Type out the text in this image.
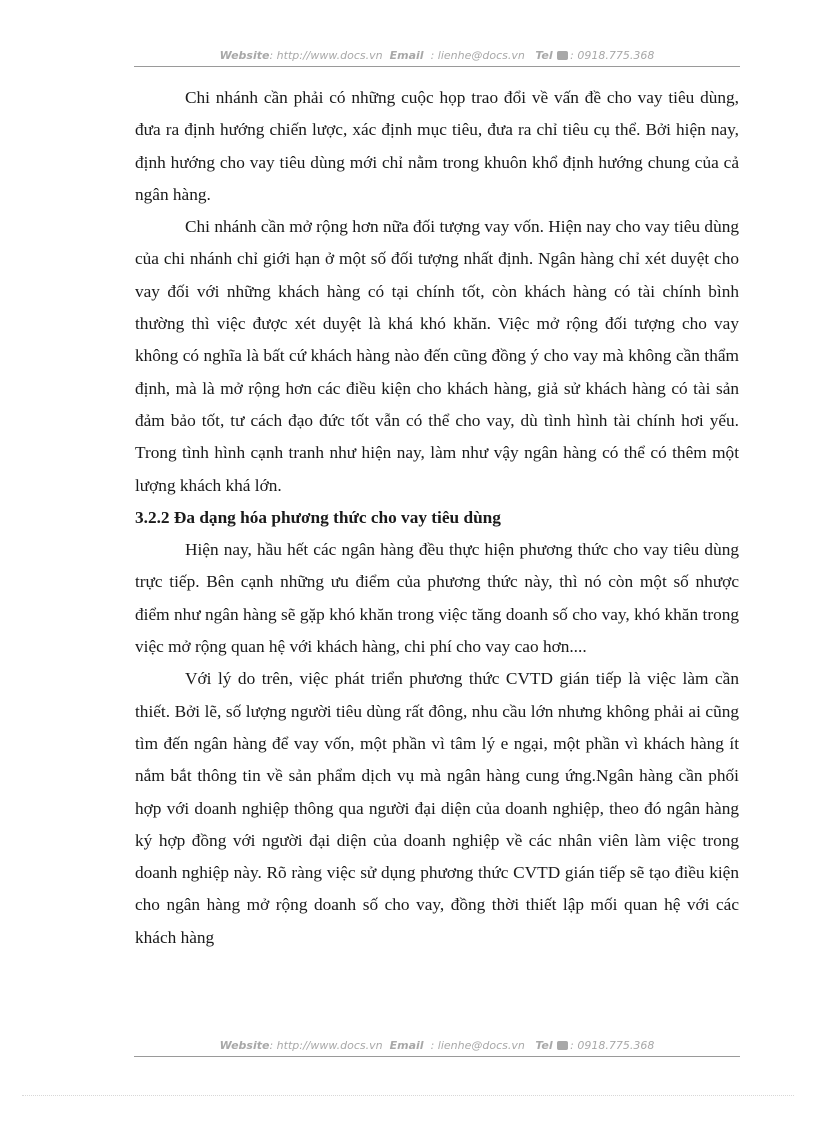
Website: http://www.docs.vn Email : lienhe@docs.vn Tel : 0918.775.368

Chi nhánh cần phải có những cuộc họp trao đổi về vấn đề cho vay tiêu dùng, đưa ra định hướng chiến lược, xác định mục tiêu, đưa ra chỉ tiêu cụ thể. Bởi hiện nay, định hướng cho vay tiêu dùng mới chỉ nằm trong khuôn khổ định hướng chung của cả ngân hàng.

Chi nhánh cần mở rộng hơn nữa đối tượng vay vốn. Hiện nay cho vay tiêu dùng của chi nhánh chỉ giới hạn ở một số đối tượng nhất định. Ngân hàng chỉ xét duyệt cho vay đối với những khách hàng có tại chính tốt, còn khách hàng có tài chính bình thường thì việc được xét duyệt là khá khó khăn. Việc mở rộng đối tượng cho vay không có nghĩa là bất cứ khách hàng nào đến cũng đồng ý cho vay mà không cần thẩm định, mà là mở rộng hơn các điều kiện cho khách hàng, giả sử khách hàng có tài sản đảm bảo tốt, tư cách đạo đức tốt vẫn có thể cho vay, dù tình hình tài chính hơi yếu. Trong tình hình cạnh tranh như hiện nay, làm như vậy ngân hàng có thể có thêm một lượng khách khá lớn.

3.2.2 Đa dạng hóa phương thức cho vay tiêu dùng

Hiện nay, hầu hết các ngân hàng đều thực hiện phương thức cho vay tiêu dùng trực tiếp. Bên cạnh những ưu điểm của phương thức này, thì nó còn một số nhược điểm như ngân hàng sẽ gặp khó khăn trong việc tăng doanh số cho vay, khó khăn trong việc mở rộng quan hệ với khách hàng, chi phí cho vay cao hơn....

Với lý do trên, việc phát triển phương thức CVTD gián tiếp là việc làm cần thiết. Bởi lẽ, số lượng người tiêu dùng rất đông, nhu cầu lớn nhưng không phải ai cũng tìm đến ngân hàng để vay vốn, một phần vì tâm lý e ngại, một phần vì khách hàng ít nắm bắt thông tin về sản phẩm dịch vụ mà ngân hàng cung ứng.Ngân hàng cần phối hợp với doanh nghiệp thông qua người đại diện của doanh nghiệp, theo đó ngân hàng ký hợp đồng với người đại diện của doanh nghiệp về các nhân viên làm việc trong doanh nghiệp này. Rõ ràng việc sử dụng phương thức CVTD gián tiếp sẽ tạo điều kiện cho ngân hàng mở rộng doanh số cho vay, đồng thời thiết lập mối quan hệ với các khách hàng

Website: http://www.docs.vn Email : lienhe@docs.vn Tel : 0918.775.368
